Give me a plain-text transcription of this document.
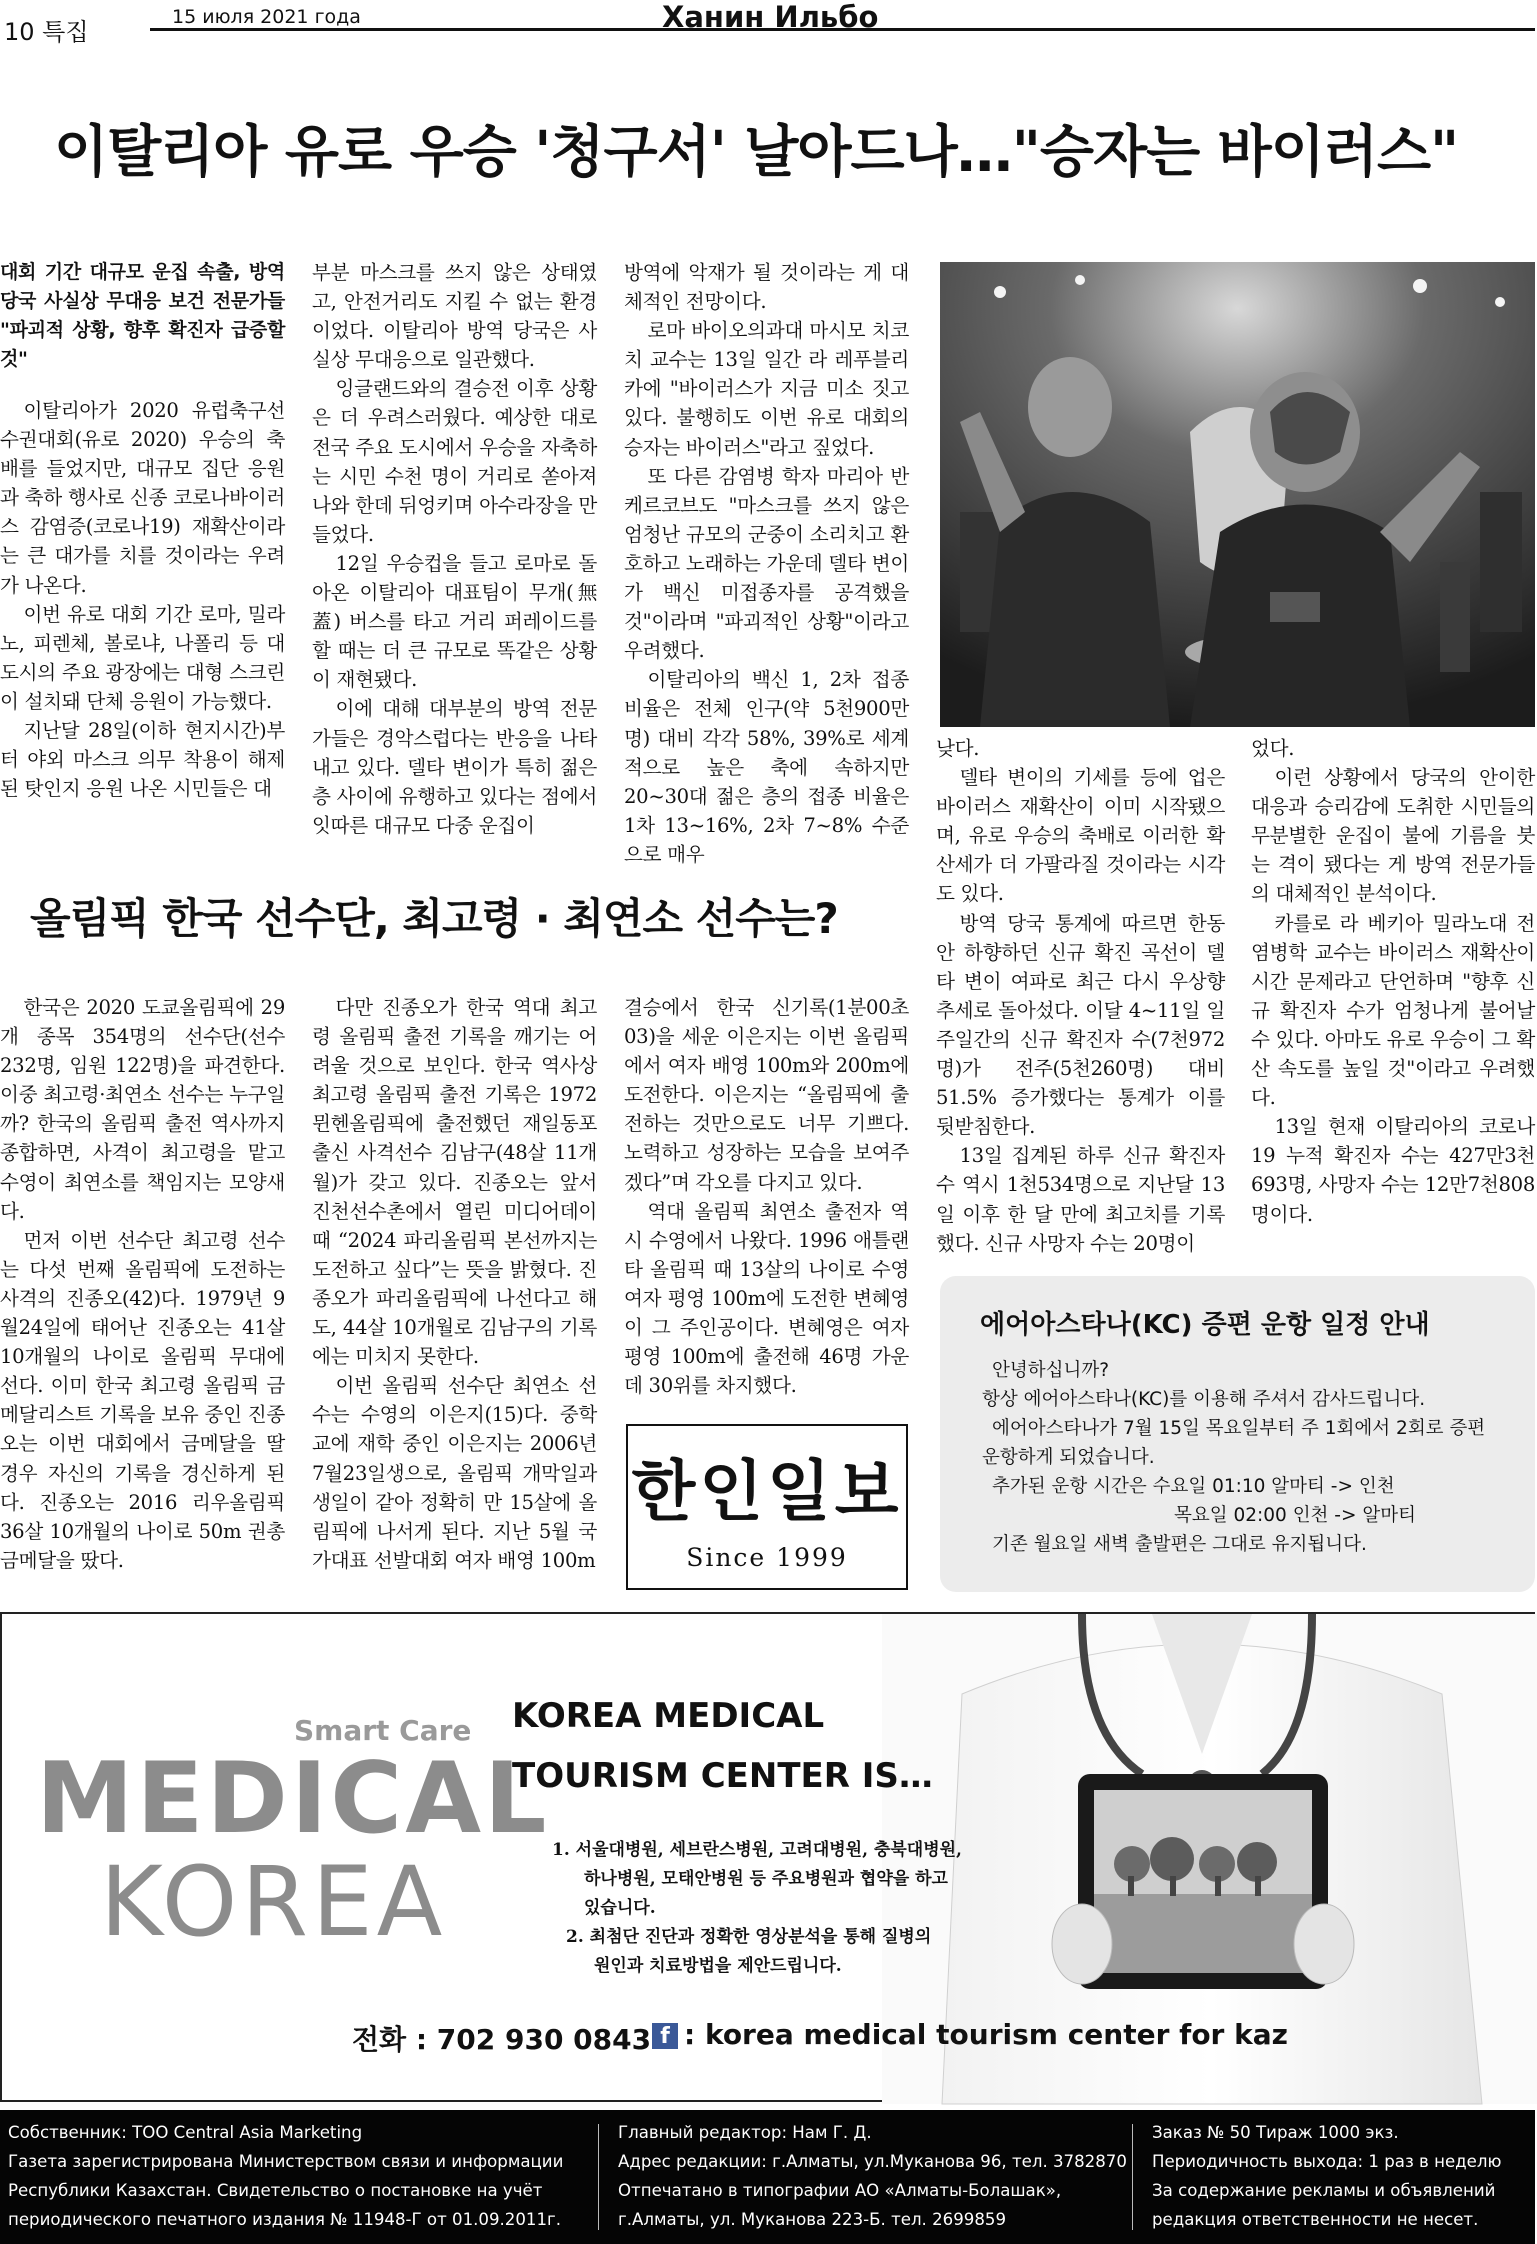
10 특집
15 июля 2021 года	Ханин Ильбо
이탈리아 유로 우승 '청구서' 날아드나…"승자는 바이러스"

대회 기간 대규모 운집 속출, 방역당국 사실상 무대응 보건 전문가들 "파괴적 상황, 향후 확진자 급증할 것"

이탈리아가 2020 유럽축구선수권대회(유로 2020) 우승의 축배를 들었지만, 대규모 집단 응원과 축하 행사로 신종 코로나바이러스 감염증(코로나19) 재확산이라는 큰 대가를 치를 것이라는 우려가 나온다.

이번 유로 대회 기간 로마, 밀라노, 피렌체, 볼로냐, 나폴리 등 대도시의 주요 광장에는 대형 스크린이 설치돼 단체 응원이 가능했다.

지난달 28일(이하 현지시간)부터 야외 마스크 의무 착용이 해제된 탓인지 응원 나온 시민들은 대

부분 마스크를 쓰지 않은 상태였고, 안전거리도 지킬 수 없는 환경이었다. 이탈리아 방역 당국은 사실상 무대응으로 일관했다.

잉글랜드와의 결승전 이후 상황은 더 우려스러웠다. 예상한 대로 전국 주요 도시에서 우승을 자축하는 시민 수천 명이 거리로 쏟아져나와 한데 뒤엉키며 아수라장을 만들었다.

12일 우승컵을 들고 로마로 돌아온 이탈리아 대표팀이 무개(無蓋) 버스를 타고 거리 퍼레이드를 할 때는 더 큰 규모로 똑같은 상황이 재현됐다.

이에 대해 대부분의 방역 전문가들은 경악스럽다는 반응을 나타내고 있다. 델타 변이가 특히 젊은 층 사이에 유행하고 있다는 점에서 잇따른 대규모 다중 운집이

방역에 악재가 될 것이라는 게 대체적인 전망이다.

로마 바이오의과대 마시모 치코치 교수는 13일 일간 라 레푸블리카에 "바이러스가 지금 미소 짓고 있다. 불행히도 이번 유로 대회의 승자는 바이러스"라고 짚었다.

또 다른 감염병 학자 마리아 반케르코브도 "마스크를 쓰지 않은 엄청난 규모의 군중이 소리치고 환호하고 노래하는 가운데 델타 변이가 백신 미접종자를 공격했을 것"이라며 "파괴적인 상황"이라고 우려했다.

이탈리아의 백신 1, 2차 접종 비율은 전체 인구(약 5천900만 명) 대비 각각 58%, 39%로 세계적으로 높은 축에 속하지만 20~30대 젊은 층의 접종 비율은 1차 13~16%, 2차 7~8% 수준으로 매우

낮다.

델타 변이의 기세를 등에 업은 바이러스 재확산이 이미 시작됐으며, 유로 우승의 축배로 이러한 확산세가 더 가팔라질 것이라는 시각도 있다.

방역 당국 통계에 따르면 한동안 하향하던 신규 확진 곡선이 델타 변이 여파로 최근 다시 우상향 추세로 돌아섰다. 이달 4~11일 일주일간의 신규 확진자 수(7천972명)가 전주(5천260명) 대비 51.5% 증가했다는 통계가 이를 뒷받침한다.

13일 집계된 하루 신규 확진자 수 역시 1천534명으로 지난달 13일 이후 한 달 만에 최고치를 기록했다. 신규 사망자 수는 20명이

었다.

이런 상황에서 당국의 안이한 대응과 승리감에 도취한 시민들의 무분별한 운집이 불에 기름을 붓는 격이 됐다는 게 방역 전문가들의 대체적인 분석이다.

카를로 라 베키아 밀라노대 전염병학 교수는 바이러스 재확산이 시간 문제라고 단언하며 "향후 신규 확진자 수가 엄청나게 불어날 수 있다. 아마도 유로 우승이 그 확산 속도를 높일 것"이라고 우려했다.

13일 현재 이탈리아의 코로나19 누적 확진자 수는 427만3천693명, 사망자 수는 12만7천808명이다.

올림픽 한국 선수단, 최고령 · 최연소 선수는?

한국은 2020 도쿄올림픽에 29개 종목 354명의 선수단(선수 232명, 임원 122명)을 파견한다. 이중 최고령·최연소 선수는 누구일까? 한국의 올림픽 출전 역사까지 종합하면, 사격이 최고령을 맡고 수영이 최연소를 책임지는 모양새다.

먼저 이번 선수단 최고령 선수는 다섯 번째 올림픽에 도전하는 사격의 진종오(42)다. 1979년 9월24일에 태어난 진종오는 41살 10개월의 나이로 올림픽 무대에 선다. 이미 한국 최고령 올림픽 금메달리스트 기록을 보유 중인 진종오는 이번 대회에서 금메달을 딸 경우 자신의 기록을 경신하게 된다. 진종오는 2016 리우올림픽 36살 10개월의 나이로 50m 권총 금메달을 땄다.

다만 진종오가 한국 역대 최고령 올림픽 출전 기록을 깨기는 어려울 것으로 보인다. 한국 역사상 최고령 올림픽 출전 기록은 1972 뮌헨올림픽에 출전했던 재일동포 출신 사격선수 김남구(48살 11개월)가 갖고 있다. 진종오는 앞서 진천선수촌에서 열린 미디어데이 때 “2024 파리올림픽 본선까지는 도전하고 싶다”는 뜻을 밝혔다. 진종오가 파리올림픽에 나선다고 해도, 44살 10개월로 김남구의 기록에는 미치지 못한다.

이번 올림픽 선수단 최연소 선수는 수영의 이은지(15)다. 중학교에 재학 중인 이은지는 2006년 7월23일생으로, 올림픽 개막일과 생일이 같아 정확히 만 15살에 올림픽에 나서게 된다. 지난 5월 국가대표 선발대회 여자 배영 100m

결승에서 한국 신기록(1분00초03)을 세운 이은지는 이번 올림픽에서 여자 배영 100m와 200m에 도전한다. 이은지는 “올림픽에 출전하는 것만으로도 너무 기쁘다. 노력하고 성장하는 모습을 보여주겠다”며 각오를 다지고 있다.

역대 올림픽 최연소 출전자 역시 수영에서 나왔다. 1996 애틀랜타 올림픽 때 13살의 나이로 수영 여자 평영 100m에 도전한 변혜영이 그 주인공이다. 변혜영은 여자 평영 100m에 출전해 46명 가운데 30위를 차지했다.

한인일보
Since 1999
에어아스타나(KC) 증편 운항 일정 안내
안녕하십니까?
항상 에어아스타나(KC)를 이용해 주셔서 감사드립니다.
에어아스타나가 7월 15일 목요일부터 주 1회에서 2회로 증편
운항하게 되었습니다.
추가된 운항 시간은 수요일 01:10 알마티 -> 인천
목요일 02:00 인천 -> 알마티
기존 월요일 새벽 출발편은 그대로 유지됩니다.
Smart Care
MEDICAL
KOREA
KOREA MEDICAL
TOURISM CENTER IS…
1. 서울대병원, 세브란스병원, 고려대병원, 충북대병원,
하나병원, 모태안병원 등 주요병원과 협약을 하고
있습니다.
2. 최첨단 진단과 정확한 영상분석을 통해 질병의
원인과 치료방법을 제안드립니다.
전화 : 702 930 0843 f : korea medical tourism center for kaz
Собственник: ТОО Central Asia Marketing
Газета зарегистрирована Министерством связи и информации
Республики Казахстан. Свидетельство о постановке на учёт
периодического печатного издания № 11948-Г от 01.09.2011г.
Главный редактор: Нам Г. Д.
Адрес редакции: г.Алматы, ул.Муканова 96, тел. 3782870
Отпечатано в типографии АО «Алматы-Болашак»,
г.Алматы, ул. Муканова 223-Б. тел. 2699859
Заказ № 50 Тираж 1000 экз.
Периодичность выхода: 1 раз в неделю
За содержание рекламы и объявлений
редакция ответственности не несет.
